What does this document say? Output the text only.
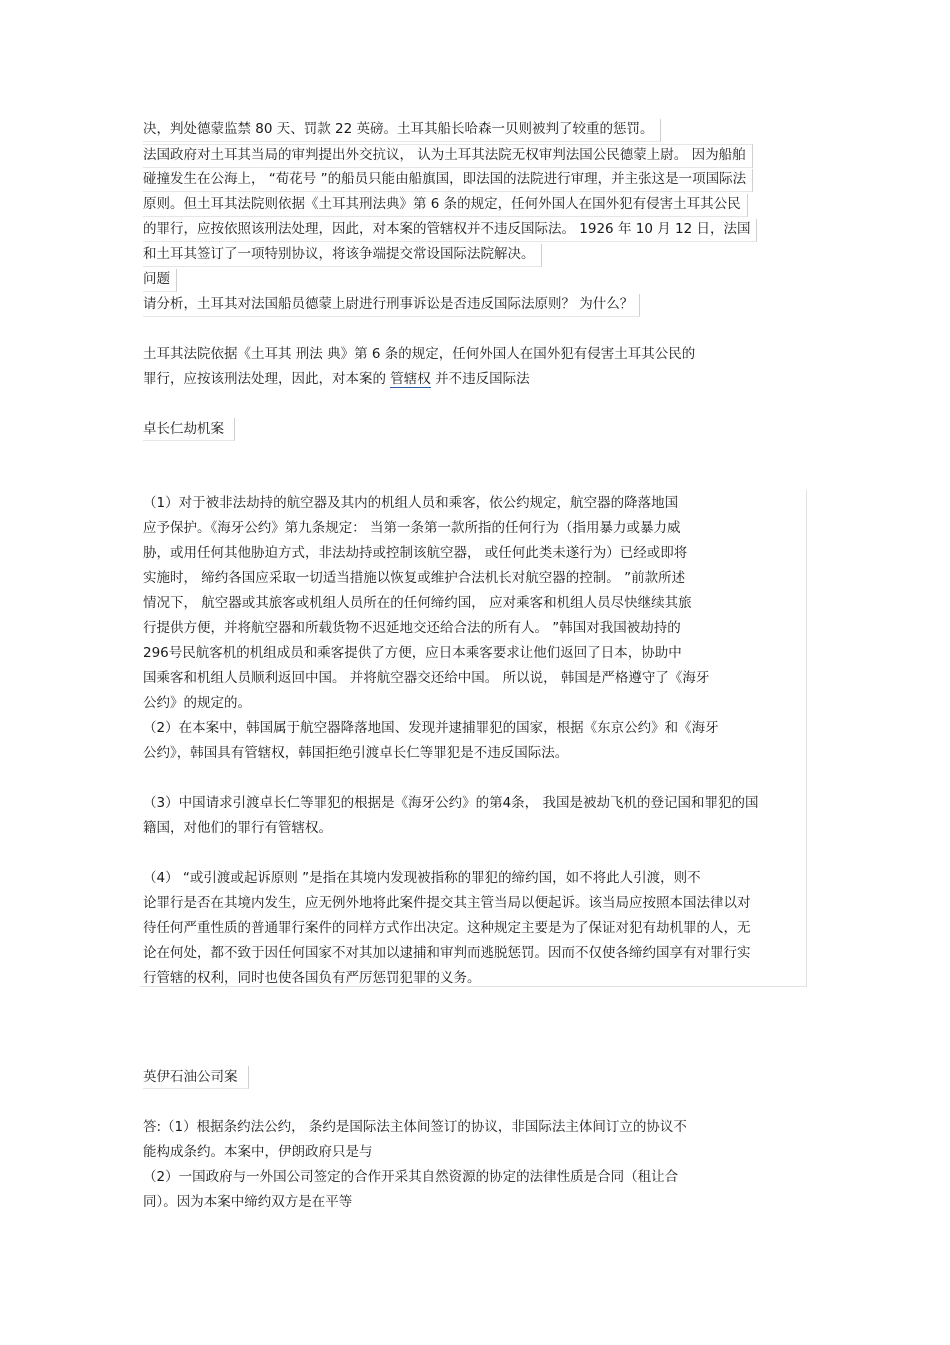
决，判处德蒙监禁 80 天、罚款 22 英磅。土耳其船长哈森一贝则被判了较重的惩罚。
法国政府对土耳其当局的审判提出外交抗议， 认为土耳其法院无权审判法国公民德蒙上尉。 因为船舶
碰撞发生在公海上， “荀花号 ”的船员只能由船旗国，即法国的法院进行审理，并主张这是一项国际法
原则。但土耳其法院则依据《土耳其刑法典》第 6 条的规定，任何外国人在国外犯有侵害土耳其公民
的罪行，应按依照该刑法处理，因此，对本案的管辖权并不违反国际法。 1926 年 10 月 12 日，法国
和土耳其签订了一项特别协议，将该争端提交常设国际法院解决。
问题
请分析，土耳其对法国船员德蒙上尉进行刑事诉讼是否违反国际法原则？ 为什么？
土耳其法院依据《土耳其 刑法 典》第 6 条的规定，任何外国人在国外犯有侵害土耳其公民的
罪行，应按该刑法处理，因此，对本案的 管辖权 并不违反国际法
卓长仁劫机案
（1）对于被非法劫持的航空器及其内的机组人员和乘客，依公约规定，航空器的降落地国
应予保护。《海牙公约》第九条规定： 当第一条第一款所指的任何行为（指用暴力或暴力威
胁，或用任何其他胁迫方式，非法劫持或控制该航空器， 或任何此类未遂行为）已经或即将
实施时， 缔约各国应采取一切适当措施以恢复或维护合法机长对航空器的控制。 ”前款所述
情况下， 航空器或其旅客或机组人员所在的任何缔约国， 应对乘客和机组人员尽快继续其旅
行提供方便，并将航空器和所载货物不迟延地交还给合法的所有人。 ”韩国对我国被劫持的
296号民航客机的机组成员和乘客提供了方便，应日本乘客要求让他们返回了日本，协助中
国乘客和机组人员顺利返回中国。 并将航空器交还给中国。 所以说， 韩国是严格遵守了《海牙
公约》的规定的。
（2）在本案中，韩国属于航空器降落地国、发现并逮捕罪犯的国家，根据《东京公约》和《海牙
公约》，韩国具有管辖权，韩国拒绝引渡卓长仁等罪犯是不违反国际法。
（3）中国请求引渡卓长仁等罪犯的根据是《海牙公约》的第4条， 我国是被劫飞机的登记国和罪犯的国
籍国，对他们的罪行有管辖权。
（4） “或引渡或起诉原则 ”是指在其境内发现被指称的罪犯的缔约国，如不将此人引渡，则不
论罪行是否在其境内发生，应无例外地将此案件提交其主管当局以便起诉。该当局应按照本国法律以对
待任何严重性质的普通罪行案件的同样方式作出决定。这种规定主要是为了保证对犯有劫机罪的人，无
论在何处，都不致于因任何国家不对其加以逮捕和审判而逃脱惩罚。因而不仅使各缔约国享有对罪行实
行管辖的权利，同时也使各国负有严厉惩罚犯罪的义务。
英伊石油公司案
答:（1）根据条约法公约， 条约是国际法主体间签订的协议，非国际法主体间订立的协议不
能构成条约。本案中，伊朗政府只是与
（2）一国政府与一外国公司签定的合作开采其自然资源的协定的法律性质是合同（租让合
同）。因为本案中缔约双方是在平等
